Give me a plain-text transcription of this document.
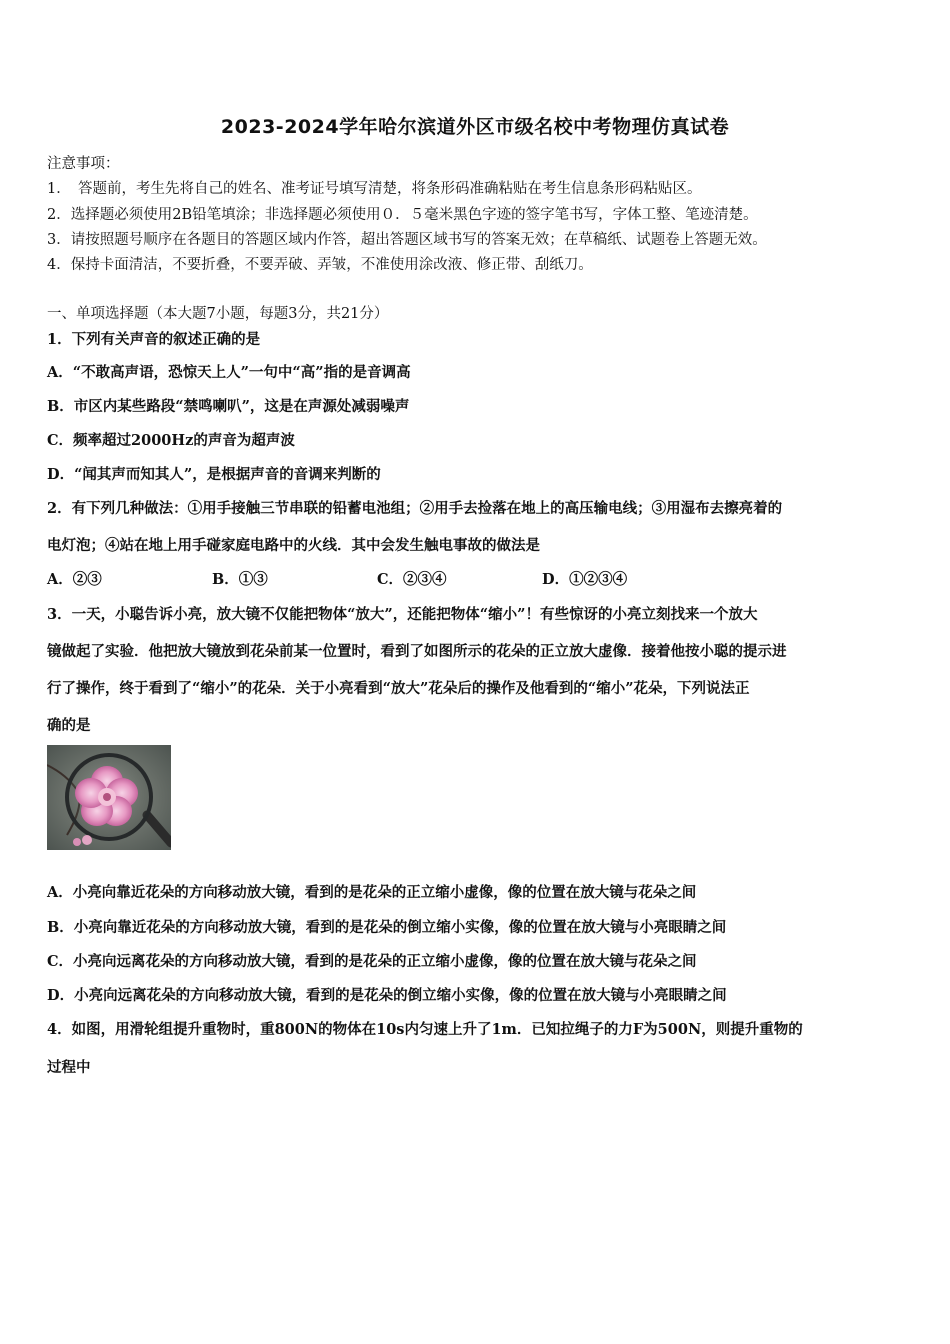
2023-2024学年哈尔滨道外区市级名校中考物理仿真试卷
注意事项：
1．　答题前，考生先将自己的姓名、准考证号填写清楚，将条形码准确粘贴在考生信息条形码粘贴区。
2．选择题必须使用2B铅笔填涂；非选择题必须使用０．５毫米黑色字迹的签字笔书写，字体工整、笔迹清楚。
3．请按照题号顺序在各题目的答题区域内作答，超出答题区域书写的答案无效；在草稿纸、试题卷上答题无效。
4．保持卡面清洁，不要折叠，不要弄破、弄皱，不准使用涂改液、修正带、刮纸刀。
一、单项选择题（本大题7小题，每题3分，共21分）
1．下列有关声音的叙述正确的是
A．“不敢高声语，恐惊天上人”一句中“高”指的是音调高
B．市区内某些路段“禁鸣喇叭”，这是在声源处减弱噪声
C．频率超过2000Hz的声音为超声波
D．“闻其声而知其人”，是根据声音的音调来判断的
2．有下列几种做法：①用手接触三节串联的铅蓄电池组；②用手去捡落在地上的高压输电线；③用湿布去擦亮着的
电灯泡；④站在地上用手碰家庭电路中的火线．其中会发生触电事故的做法是
A．②③	B．①③	C．②③④	D．①②③④
3．一天，小聪告诉小亮，放大镜不仅能把物体“放大”，还能把物体“缩小”！有些惊讶的小亮立刻找来一个放大
镜做起了实验．他把放大镜放到花朵前某一位置时，看到了如图所示的花朵的正立放大虚像．接着他按小聪的提示进
行了操作，终于看到了“缩小”的花朵．关于小亮看到“放大”花朵后的操作及他看到的“缩小”花朵，下列说法正
确的是
A．小亮向靠近花朵的方向移动放大镜，看到的是花朵的正立缩小虚像，像的位置在放大镜与花朵之间
B．小亮向靠近花朵的方向移动放大镜，看到的是花朵的倒立缩小实像，像的位置在放大镜与小亮眼睛之间
C．小亮向远离花朵的方向移动放大镜，看到的是花朵的正立缩小虚像，像的位置在放大镜与花朵之间
D．小亮向远离花朵的方向移动放大镜，看到的是花朵的倒立缩小实像，像的位置在放大镜与小亮眼睛之间
4．如图，用滑轮组提升重物时，重800N的物体在10s内匀速上升了1m．已知拉绳子的力F为500N，则提升重物的
过程中
